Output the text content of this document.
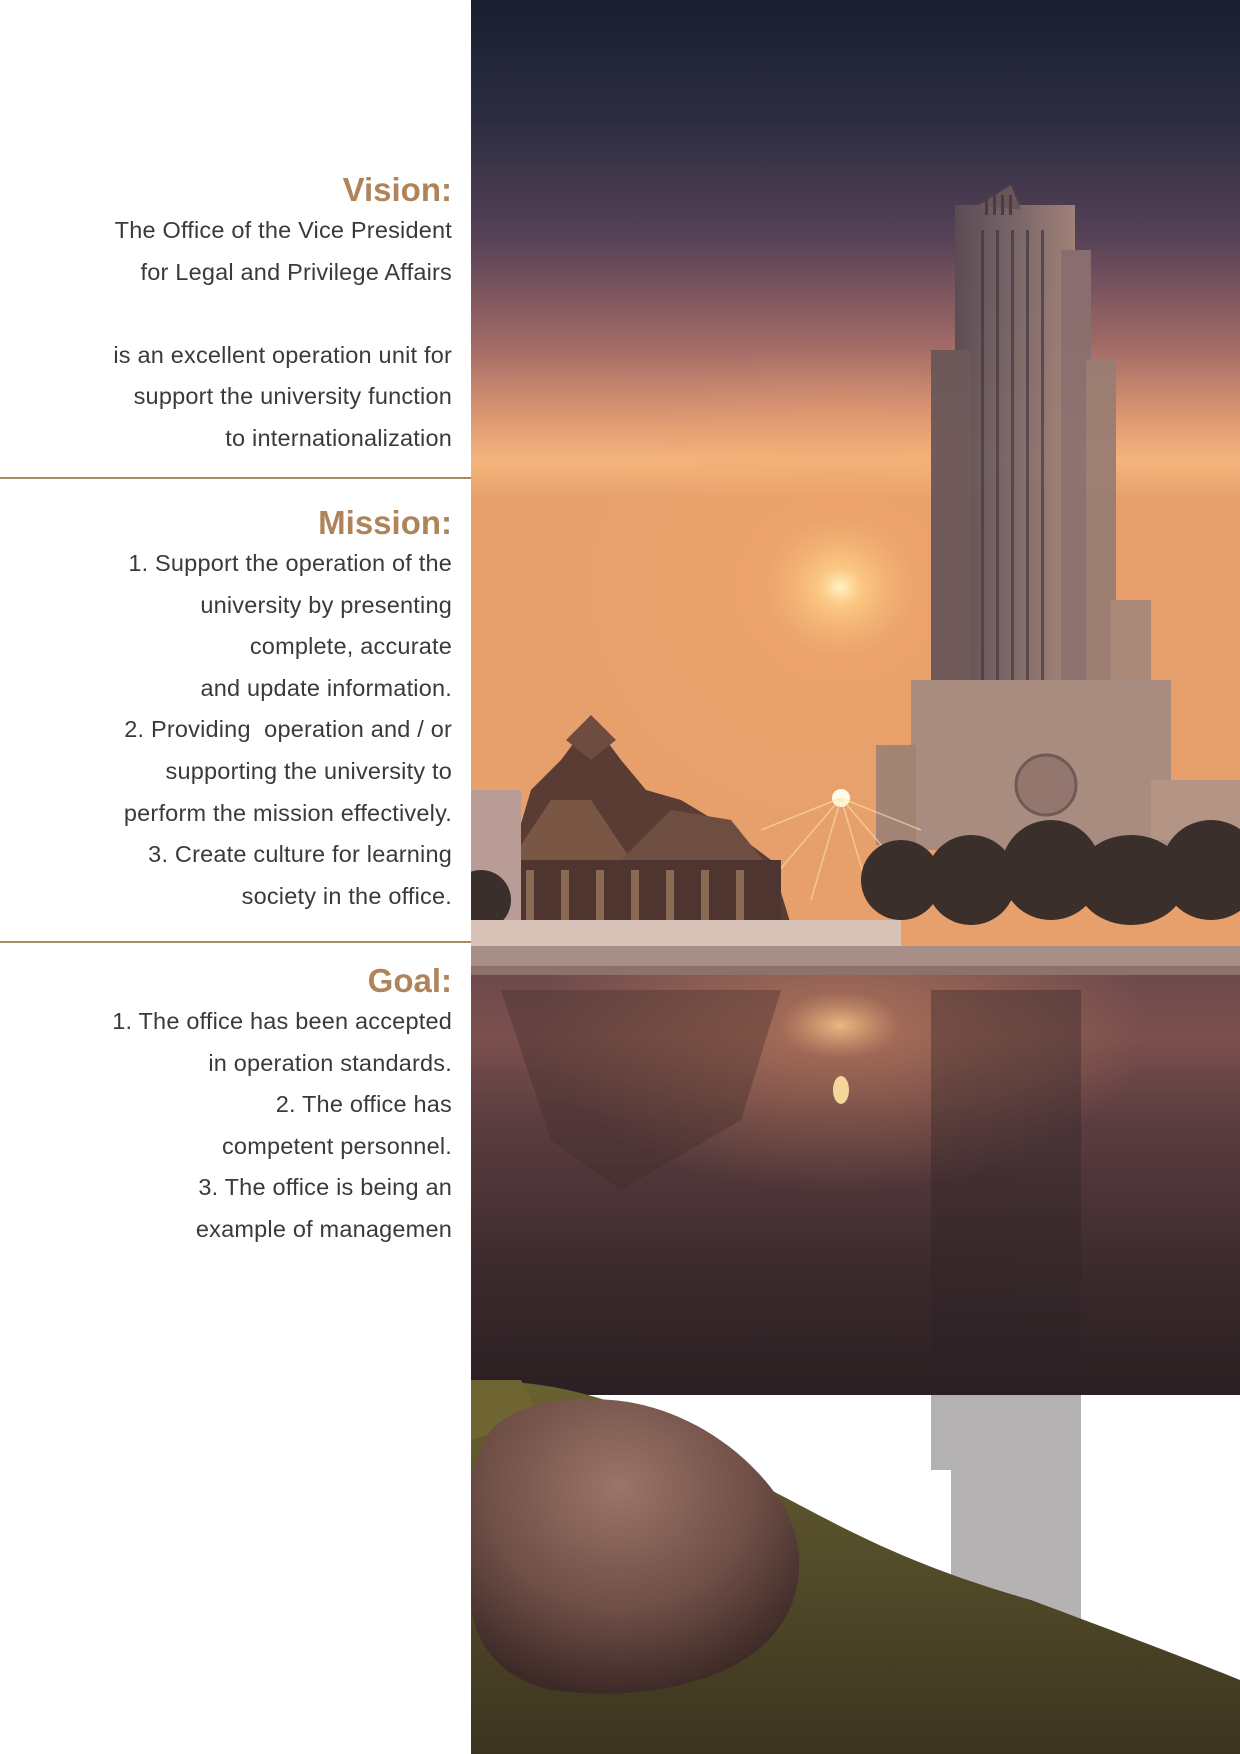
Vision:
The Office of the Vice President
for Legal and Privilege Affairs
is an excellent operation unit for
support the university function
to internationalization
Mission:
1. Support the operation of the
university by presenting
complete, accurate
and update information.
2. Providing  operation and / or
supporting the university to
perform the mission effectively.
3. Create culture for learning
society in the office.
Goal:
1. The office has been accepted
in operation standards.
2. The office has
competent personnel.
3. The office is being an
example of managemen
